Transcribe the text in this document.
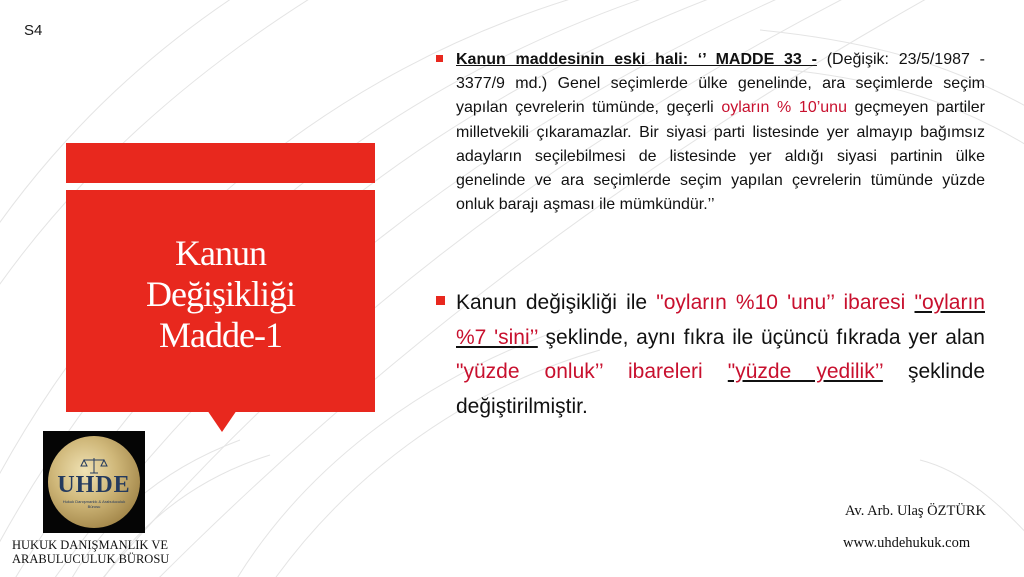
S4
Kanun
Değişikliği
Madde-1
UHDE
Hukuk Danışmanlık & Arabuluculuk Bürosu
HUKUK DANIŞMANLIK VE
ARABULUCULUK BÜROSU
Kanun maddesinin eski hali: ‘’ MADDE 33 - (Değişik: 23/5/1987 - 3377/9 md.) Genel seçimlerde ülke genelinde, ara seçimlerde seçim yapılan çevrelerin tümünde, geçerli oyların % 10’unu geçmeyen partiler milletvekili çıkaramazlar. Bir siyasi parti listesinde yer almayıp bağımsız adayların seçilebilmesi de listesinde yer aldığı siyasi partinin ülke genelinde ve ara seçimlerde seçim yapılan çevrelerin tümünde yüzde onluk barajı aşması ile mümkündür.’’
Kanun değişikliği ile "oyların %10 'unu’’ ibaresi "oyların %7 'sini’’ şeklinde, aynı fıkra ile üçüncü fıkrada yer alan "yüzde onluk’’ ibareleri "yüzde yedilik’’ şeklinde değiştirilmiştir.
Av. Arb. Ulaş ÖZTÜRK
www.uhdehukuk.com
